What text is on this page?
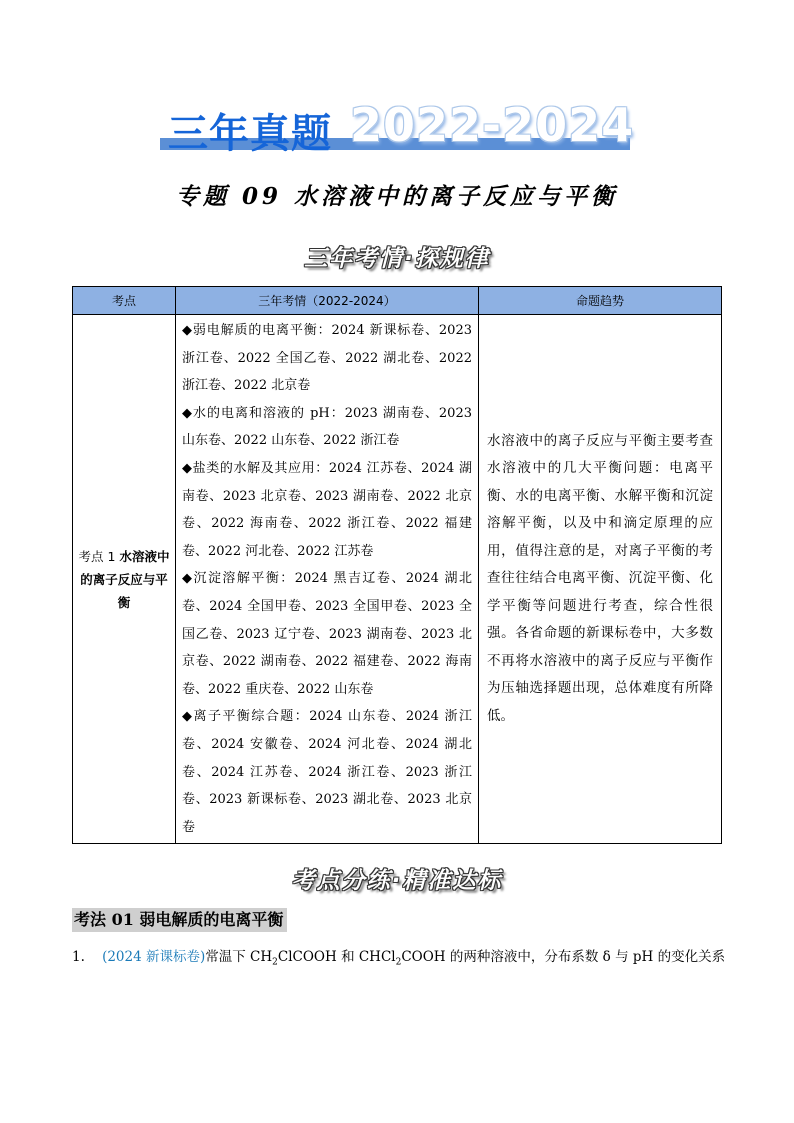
三年真题 2022-2024
专题 09 水溶液中的离子反应与平衡
三年考情·探规律
考点	三年考情（2022-2024）	命题趋势
考点 1 水溶液中的离子反应与平衡	◆弱电解质的电离平衡：2024 新课标卷、2023 浙江卷、2022 全国乙卷、2022 湖北卷、2022 浙江卷、2022 北京卷

◆水的电离和溶液的 pH：2023 湖南卷、2023 山东卷、2022 山东卷、2022 浙江卷

◆盐类的水解及其应用：2024 江苏卷、2024 湖南卷、2023 北京卷、2023 湖南卷、2022 北京卷、2022 海南卷、2022 浙江卷、2022 福建卷、2022 河北卷、2022 江苏卷

◆沉淀溶解平衡：2024 黑吉辽卷、2024 湖北卷、2024 全国甲卷、2023 全国甲卷、2023 全国乙卷、2023 辽宁卷、2023 湖南卷、2023 北京卷、2022 湖南卷、2022 福建卷、2022 海南卷、2022 重庆卷、2022 山东卷

◆离子平衡综合题：2024 山东卷、2024 浙江卷、2024 安徽卷、2024 河北卷、2024 湖北卷、2024 江苏卷、2024 浙江卷、2023 浙江卷、2023 新课标卷、2023 湖北卷、2023 北京卷	水溶液中的离子反应与平衡主要考查水溶液中的几大平衡问题：电离平衡、水的电离平衡、水解平衡和沉淀溶解平衡，以及中和滴定原理的应用，值得注意的是，对离子平衡的考查往往结合电离平衡、沉淀平衡、化学平衡等问题进行考查，综合性很强。各省命题的新课标卷中，大多数不再将水溶液中的离子反应与平衡作为压轴选择题出现，总体难度有所降低。
考点分练·精准达标
考法 01 弱电解质的电离平衡
1. (2024 新课标卷)常温下 $CH_2ClCOOH$ 和 CHCl$_2$COOH 的两种溶液中，分布系数 δ 与 pH 的变化关系
